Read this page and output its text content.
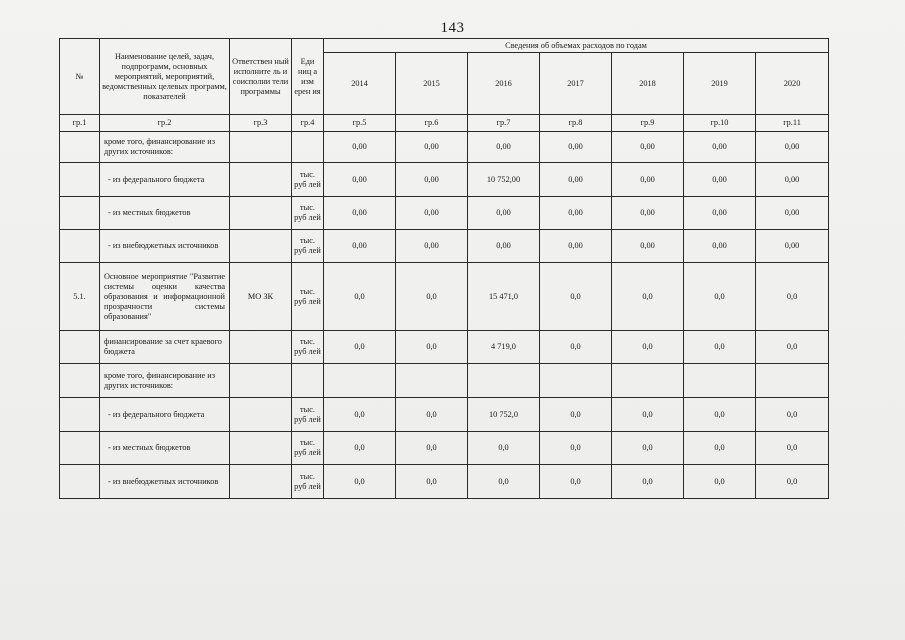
143
№	Наименование целей, задач, подпрограмм, основных мероприятий, мероприятий, ведомственных целевых программ, показателей	Ответствен ный исполните ль и соисполни тели программы	Еди ниц а изм ерен ия	Сведения об объемах расходов по годам						
				2014	2015	2016	2017	2018	2019	2020
гр.1	гр.2	гр.3	гр.4	гр.5	гр.6	гр.7	гр.8	гр.9	гр.10	гр.11
	кроме того, финансирование из других источников:			0,00	0,00	0,00	0,00	0,00	0,00	0,00
	- из федерального бюджета		тыс. руб лей	0,00	0,00	10 752,00	0,00	0,00	0,00	0,00
	- из местных бюджетов		тыс. руб лей	0,00	0,00	0,00	0,00	0,00	0,00	0,00
	- из внебюджетных источников		тыс. руб лей	0,00	0,00	0,00	0,00	0,00	0,00	0,00
5.1.	Основное мероприятие "Развитие системы оценки качества образования и информационной прозрачности системы образования"	МО ЗК	тыс. руб лей	0,0	0,0	15 471,0	0,0	0,0	0,0	0,0
	финансирование за счет краевого бюджета		тыс. руб лей	0,0	0,0	4 719,0	0,0	0,0	0,0	0,0
	кроме того, финансирование из других источников:									
	- из федерального бюджета		тыс. руб лей	0,0	0,0	10 752,0	0,0	0,0	0,0	0,0
	- из местных бюджетов		тыс. руб лей	0,0	0,0	0,0	0,0	0,0	0,0	0,0
	- из внебюджетных источников		тыс. руб лей	0,0	0,0	0,0	0,0	0,0	0,0	0,0
